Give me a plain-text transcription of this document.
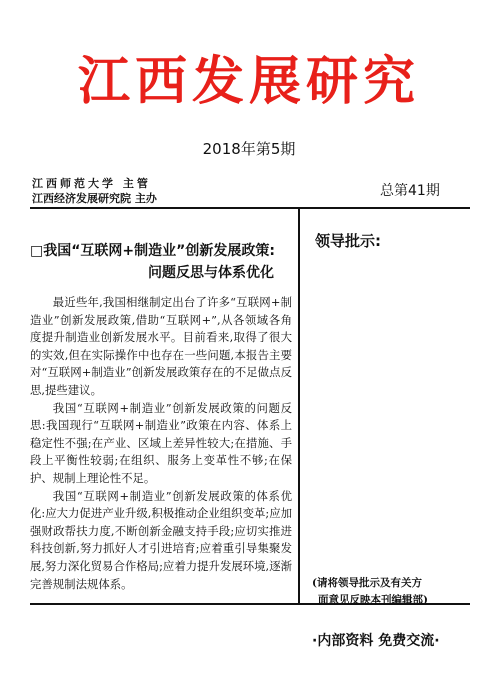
江西发展研究
2018年第5期
江西师范大学 主管
江西经济发展研究院 主办	总第41期
□我国“互联网+制造业”创新发展政策:
问题反思与体系优化

最近些年,我国相继制定出台了许多“互联网+制造业”创新发展政策,借助“互联网+”,从各领域各角度提升制造业创新发展水平。目前看来,取得了很大的实效,但在实际操作中也存在一些问题,本报告主要对“互联网+制造业”创新发展政策存在的不足做点反思,提些建议。

我国“互联网+制造业”创新发展政策的问题反思:我国现行“互联网+制造业”政策在内容、体系上稳定性不强;在产业、区域上差异性较大;在措施、手段上平衡性较弱;在组织、服务上变革性不够;在保护、规制上理论性不足。

我国“互联网+制造业”创新发展政策的体系优化:应大力促进产业升级,积极推动企业组织变革;应加强财政帮扶力度,不断创新金融支持手段;应切实推进科技创新,努力抓好人才引进培育;应着重引导集聚发展,努力深化贸易合作格局;应着力提升发展环境,逐渐完善规制法规体系。

领导批示:
(请将领导批示及有关方
面意见反映本刊编辑部)
·内部资料 免费交流·
